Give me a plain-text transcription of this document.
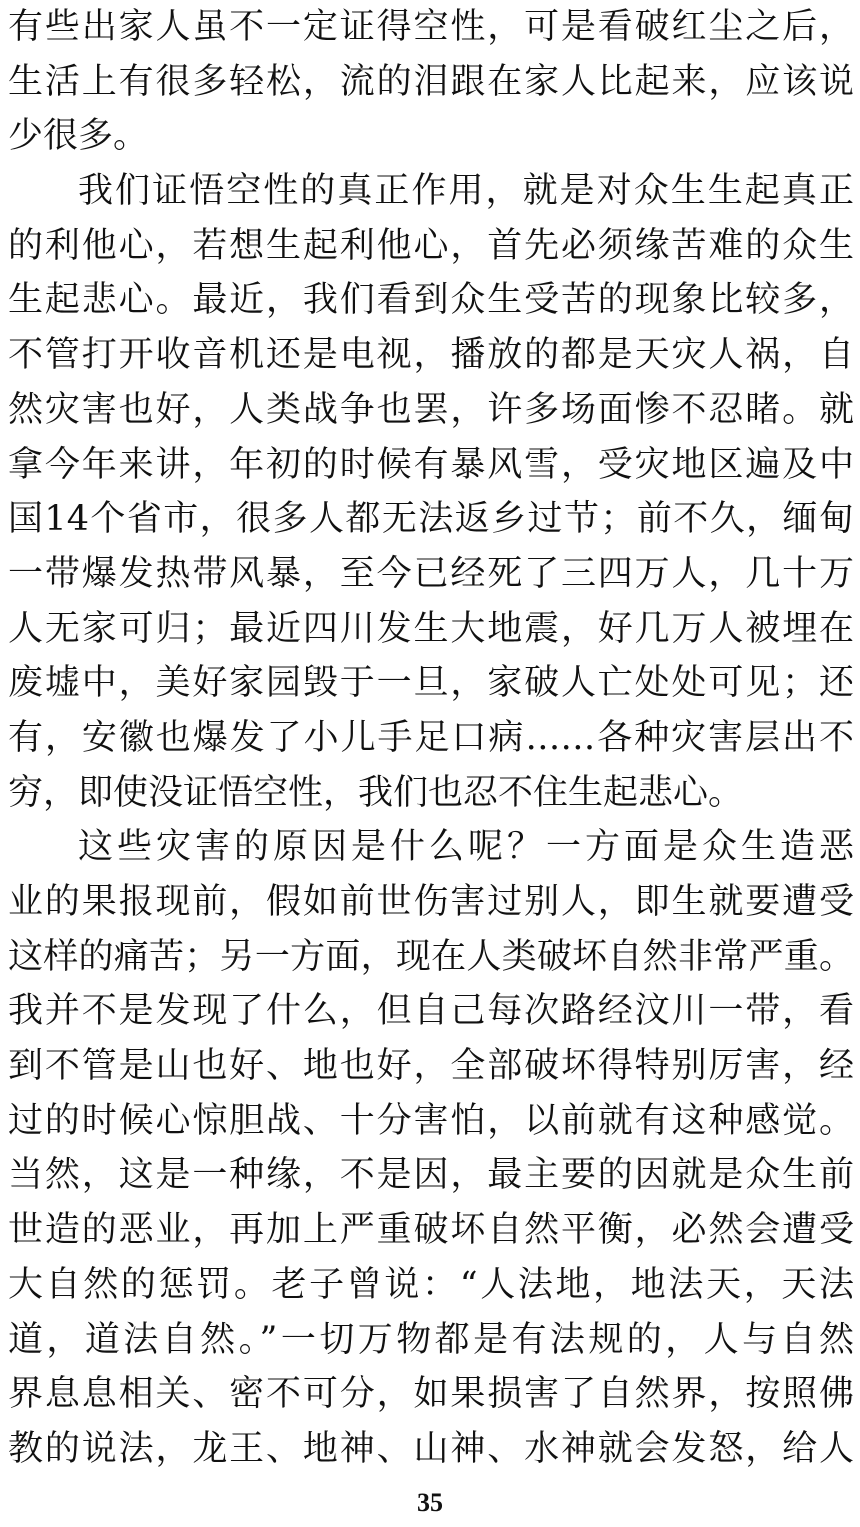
有些出家人虽不一定证得空性，可是看破红尘之后，
生活上有很多轻松，流的泪跟在家人比起来，应该说
少很多。
我们证悟空性的真正作用，就是对众生生起真正
的利他心，若想生起利他心，首先必须缘苦难的众生
生起悲心。最近，我们看到众生受苦的现象比较多，
不管打开收音机还是电视，播放的都是天灾人祸，自
然灾害也好，人类战争也罢，许多场面惨不忍睹。就
拿今年来讲，年初的时候有暴风雪，受灾地区遍及中
国14个省市，很多人都无法返乡过节；前不久，缅甸
一带爆发热带风暴，至今已经死了三四万人，几十万
人无家可归；最近四川发生大地震，好几万人被埋在
废墟中，美好家园毁于一旦，家破人亡处处可见；还
有，安徽也爆发了小儿手足口病……各种灾害层出不
穷，即使没证悟空性，我们也忍不住生起悲心。
这些灾害的原因是什么呢？一方面是众生造恶
业的果报现前，假如前世伤害过别人，即生就要遭受
这样的痛苦；另一方面，现在人类破坏自然非常严重。
我并不是发现了什么，但自己每次路经汶川一带，看
到不管是山也好、地也好，全部破坏得特别厉害，经
过的时候心惊胆战、十分害怕，以前就有这种感觉。
当然，这是一种缘，不是因，最主要的因就是众生前
世造的恶业，再加上严重破坏自然平衡，必然会遭受
大自然的惩罚。老子曾说：“人法地，地法天，天法
道，道法自然。”一切万物都是有法规的，人与自然
界息息相关、密不可分，如果损害了自然界，按照佛
教的说法，龙王、地神、山神、水神就会发怒，给人
35
